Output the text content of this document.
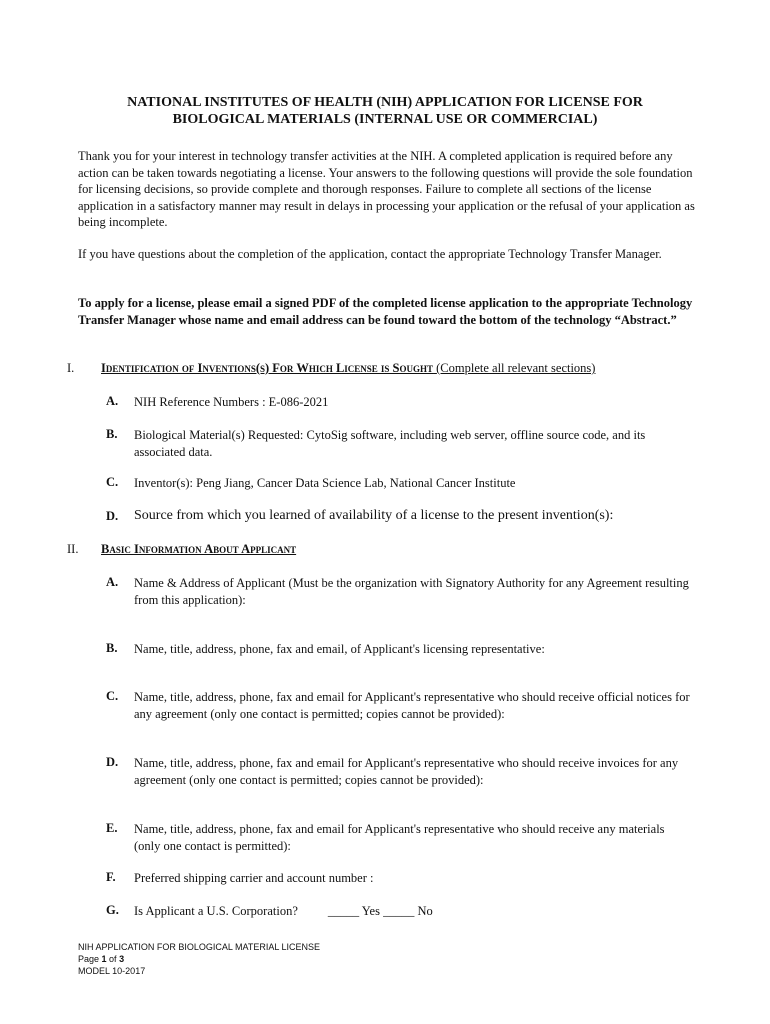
NATIONAL INSTITUTES OF HEALTH (NIH) APPLICATION FOR LICENSE FOR
BIOLOGICAL MATERIALS (INTERNAL USE OR COMMERCIAL)
Thank you for your interest in technology transfer activities at the NIH. A completed application is required before any action can be taken towards negotiating a license. Your answers to the following questions will provide the sole foundation for licensing decisions, so provide complete and thorough responses. Failure to complete all sections of the license application in a satisfactory manner may result in delays in processing your application or the refusal of your application as being incomplete.
If you have questions about the completion of the application, contact the appropriate Technology Transfer Manager.
To apply for a license, please email a signed PDF of the completed license application to the appropriate Technology Transfer Manager whose name and email address can be found toward the bottom of the technology “Abstract.”
I. Identification of Inventions(s) For Which License is Sought (Complete all relevant sections)
A. NIH Reference Numbers : E-086-2021
B. Biological Material(s) Requested: CytoSig software, including web server, offline source code, and its associated data.
C. Inventor(s): Peng Jiang, Cancer Data Science Lab, National Cancer Institute
D. Source from which you learned of availability of a license to the present invention(s):
II. Basic Information About Applicant
A. Name & Address of Applicant (Must be the organization with Signatory Authority for any Agreement resulting from this application):
B. Name, title, address, phone, fax and email, of Applicant's licensing representative:
C. Name, title, address, phone, fax and email for Applicant's representative who should receive official notices for any agreement (only one contact is permitted; copies cannot be provided):
D. Name, title, address, phone, fax and email for Applicant's representative who should receive invoices for any agreement (only one contact is permitted; copies cannot be provided):
E. Name, title, address, phone, fax and email for Applicant's representative who should receive any materials (only one contact is permitted):
F. Preferred shipping carrier and account number :
G. Is Applicant a U.S. Corporation? _____ Yes _____ No
NIH APPLICATION FOR BIOLOGICAL MATERIAL LICENSE
Page 1 of 3
MODEL 10-2017
